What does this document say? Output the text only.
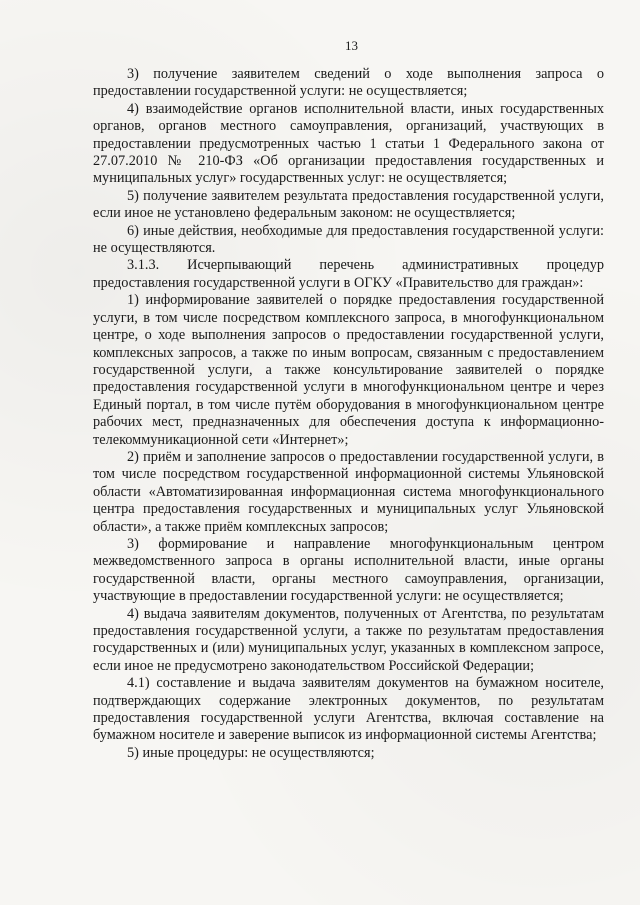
13

3) получение заявителем сведений о ходе выполнения запроса о предоставлении государственной услуги: не осуществляется;

4) взаимодействие органов исполнительной власти, иных государственных органов, органов местного самоуправления, организаций, участвующих в предоставлении предусмотренных частью 1 статьи 1 Федерального закона от 27.07.2010 № 210-ФЗ «Об организации предоставления государственных и муниципальных услуг» государственных услуг: не осуществляется;

5) получение заявителем результата предоставления государственной услуги, если иное не установлено федеральным законом: не осуществляется;

6) иные действия, необходимые для предоставления государственной услуги: не осуществляются.

3.1.3. Исчерпывающий перечень административных процедур предоставления государственной услуги в ОГКУ «Правительство для граждан»:

1) информирование заявителей о порядке предоставления государственной услуги, в том числе посредством комплексного запроса, в многофункциональном центре, о ходе выполнения запросов о предоставлении государственной услуги, комплексных запросов, а также по иным вопросам, связанным с предоставлением государственной услуги, а также консультирование заявителей о порядке предоставления государственной услуги в многофункциональном центре и через Единый портал, в том числе путём оборудования в многофункциональном центре рабочих мест, предназначенных для обеспечения доступа к информационно-телекоммуникационной сети «Интернет»;

2) приём и заполнение запросов о предоставлении государственной услуги, в том числе посредством государственной информационной системы Ульяновской области «Автоматизированная информационная система многофункционального центра предоставления государственных и муниципальных услуг Ульяновской области», а также приём комплексных запросов;

3) формирование и направление многофункциональным центром межведомственного запроса в органы исполнительной власти, иные органы государственной власти, органы местного самоуправления, организации, участвующие в предоставлении государственной услуги: не осуществляется;

4) выдача заявителям документов, полученных от Агентства, по результатам предоставления государственной услуги, а также по результатам предоставления государственных и (или) муниципальных услуг, указанных в комплексном запросе, если иное не предусмотрено законодательством Российской Федерации;

4.1) составление и выдача заявителям документов на бумажном носителе, подтверждающих содержание электронных документов, по результатам предоставления государственной услуги Агентства, включая составление на бумажном носителе и заверение выписок из информационной системы Агентства;

5) иные процедуры: не осуществляются;
